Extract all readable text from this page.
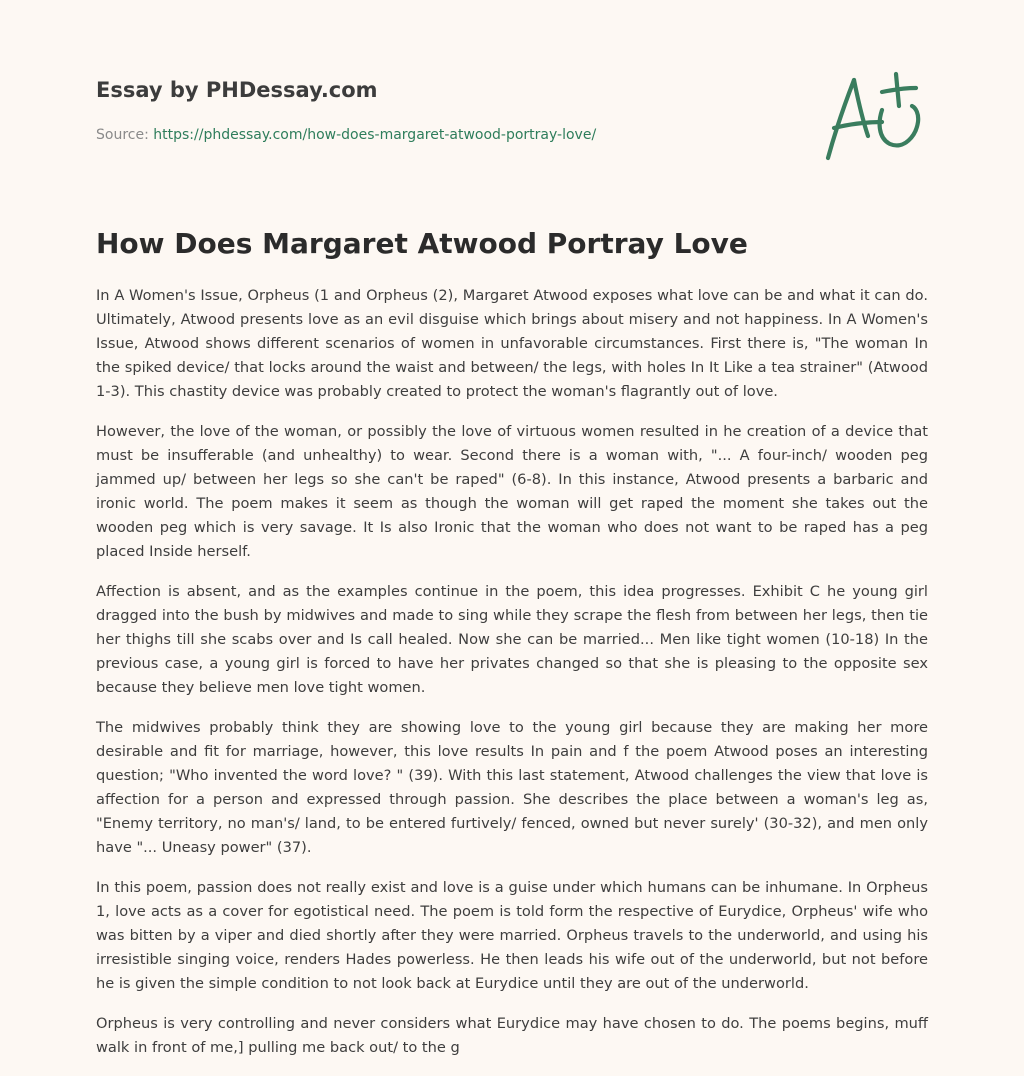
Essay by PHDessay.com
Source: https://phdessay.com/how-does-margaret-atwood-portray-love/
How Does Margaret Atwood Portray Love

In A Women's Issue, Orpheus (1 and Orpheus (2), Margaret Atwood exposes what love can be and what it can do. Ultimately, Atwood presents love as an evil disguise which brings about misery and not happiness. In A Women's Issue, Atwood shows different scenarios of women in unfavorable circumstances. First there is, "The woman In the spiked device/ that locks around the waist and between/ the legs, with holes In It Like a tea strainer" (Atwood 1-3). This chastity device was probably created to protect the woman's flagrantly out of love.

However, the love of the woman, or possibly the love of virtuous women resulted in he creation of a device that must be insufferable (and unhealthy) to wear. Second there is a woman with, "... A four-inch/ wooden peg jammed up/ between her legs so she can't be raped" (6-8). In this instance, Atwood presents a barbaric and ironic world. The poem makes it seem as though the woman will get raped the moment she takes out the wooden peg which is very savage. It Is also Ironic that the woman who does not want to be raped has a peg placed Inside herself.

Affection is absent, and as the examples continue in the poem, this idea progresses. Exhibit C he young girl dragged into the bush by midwives and made to sing while they scrape the flesh from between her legs, then tie her thighs till she scabs over and Is call healed. Now she can be married... Men like tight women (10-18) In the previous case, a young girl is forced to have her privates changed so that she is pleasing to the opposite sex because they believe men love tight women.

The midwives probably think they are showing love to the young girl because they are making her more desirable and fit for marriage, however, this love results In pain and f the poem Atwood poses an interesting question; "Who invented the word love? " (39). With this last statement, Atwood challenges the view that love is affection for a person and expressed through passion. She describes the place between a woman's leg as, "Enemy territory, no man's/ land, to be entered furtively/ fenced, owned but never surely' (30-32), and men only have "... Uneasy power" (37).

In this poem, passion does not really exist and love is a guise under which humans can be inhumane. In Orpheus 1, love acts as a cover for egotistical need. The poem is told form the respective of Eurydice, Orpheus' wife who was bitten by a viper and died shortly after they were married. Orpheus travels to the underworld, and using his irresistible singing voice, renders Hades powerless. He then leads his wife out of the underworld, but not before he is given the simple condition to not look back at Eurydice until they are out of the underworld.

Orpheus is very controlling and never considers what Eurydice may have chosen to do. The poems begins, muff walk in front of me,] pulling me back out/ to the g
